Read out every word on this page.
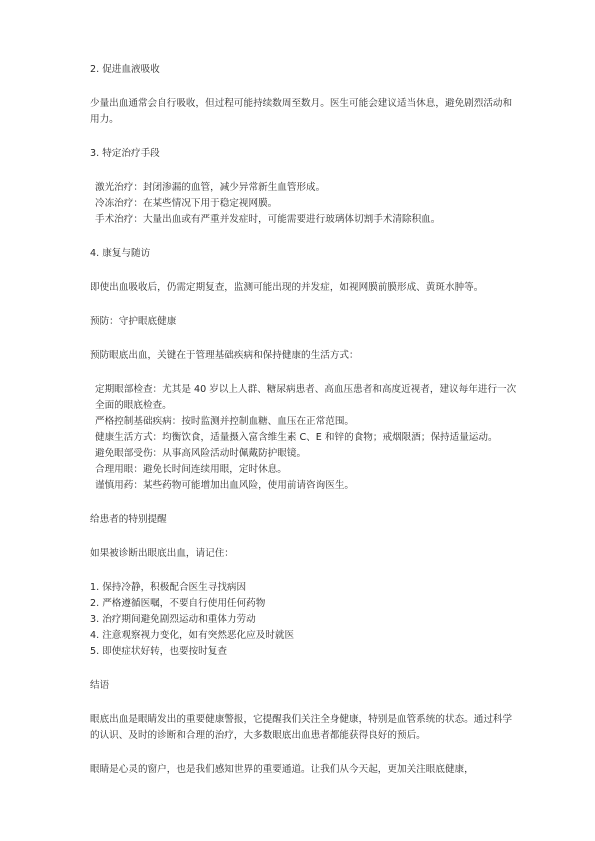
2. 促进血液吸收

少量出血通常会自行吸收，但过程可能持续数周至数月。医生可能会建议适当休息，避免剧烈活动和用力。

3. 特定治疗手段

激光治疗：封闭渗漏的血管，减少异常新生血管形成。

冷冻治疗：在某些情况下用于稳定视网膜。

手术治疗：大量出血或有严重并发症时，可能需要进行玻璃体切割手术清除积血。

4. 康复与随访

即使出血吸收后，仍需定期复查，监测可能出现的并发症，如视网膜前膜形成、黄斑水肿等。

预防：守护眼底健康

预防眼底出血，关键在于管理基础疾病和保持健康的生活方式：

定期眼部检查：尤其是 40 岁以上人群、糖尿病患者、高血压患者和高度近视者，建议每年进行一次全面的眼底检查。

严格控制基础疾病：按时监测并控制血糖、血压在正常范围。

健康生活方式：均衡饮食，适量摄入富含维生素 C、E 和锌的食物；戒烟限酒；保持适量运动。

避免眼部受伤：从事高风险活动时佩戴防护眼镜。

合理用眼：避免长时间连续用眼，定时休息。

谨慎用药：某些药物可能增加出血风险，使用前请咨询医生。

给患者的特别提醒

如果被诊断出眼底出血，请记住：

1. 保持冷静，积极配合医生寻找病因

2. 严格遵循医嘱，不要自行使用任何药物

3. 治疗期间避免剧烈运动和重体力劳动

4. 注意观察视力变化，如有突然恶化应及时就医

5. 即使症状好转，也要按时复查

结语

眼底出血是眼睛发出的重要健康警报，它提醒我们关注全身健康，特别是血管系统的状态。通过科学的认识、及时的诊断和合理的治疗，大多数眼底出血患者都能获得良好的预后。

眼睛是心灵的窗户，也是我们感知世界的重要通道。让我们从今天起，更加关注眼底健康，
